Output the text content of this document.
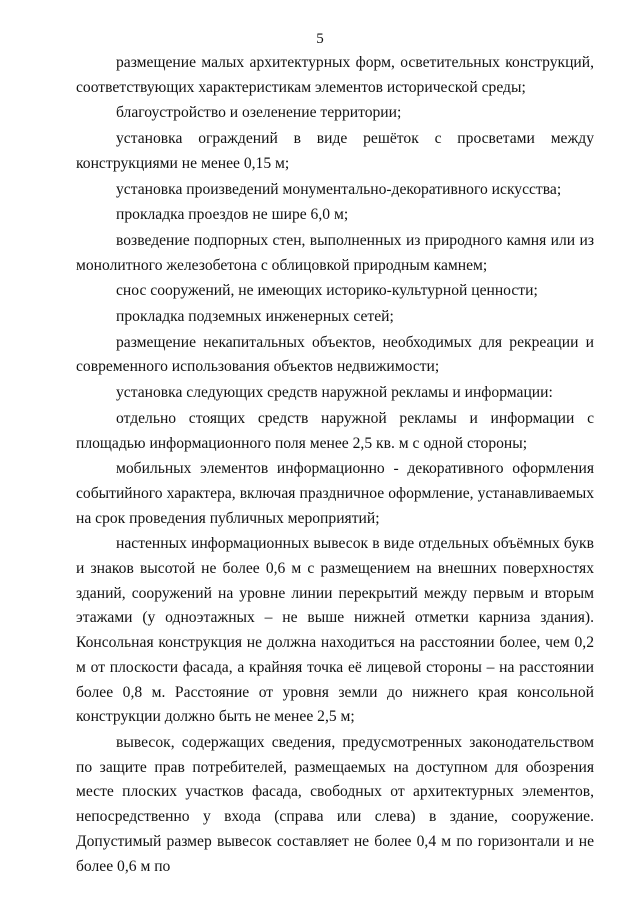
5

размещение малых архитектурных форм, осветительных конструкций, соответствующих характеристикам элементов исторической среды;

благоустройство и озеленение территории;

установка ограждений в виде решёток с просветами между конструкциями не менее 0,15 м;

установка произведений монументально-декоративного искусства;

прокладка проездов не шире 6,0 м;

возведение подпорных стен, выполненных из природного камня или из монолитного железобетона с облицовкой природным камнем;

снос сооружений, не имеющих историко-культурной ценности;

прокладка подземных инженерных сетей;

размещение некапитальных объектов, необходимых для рекреации и современного использования объектов недвижимости;

установка следующих средств наружной рекламы и информации:

отдельно стоящих средств наружной рекламы и информации с площадью информационного поля менее 2,5 кв. м с одной стороны;

мобильных элементов информационно - декоративного оформления событийного характера, включая праздничное оформление, устанавливаемых на срок проведения публичных мероприятий;

настенных информационных вывесок в виде отдельных объёмных букв и знаков высотой не более 0,6 м с размещением на внешних поверхностях зданий, сооружений на уровне линии перекрытий между первым и вторым этажами (у одноэтажных – не выше нижней отметки карниза здания). Консольная конструкция не должна находиться на расстоянии более, чем 0,2 м от плоскости фасада, а крайняя точка её лицевой стороны – на расстоянии более 0,8 м. Расстояние от уровня земли до нижнего края консольной конструкции должно быть не менее 2,5 м;

вывесок, содержащих сведения, предусмотренных законодательством по защите прав потребителей, размещаемых на доступном для обозрения месте плоских участков фасада, свободных от архитектурных элементов, непосредственно у входа (справа или слева) в здание, сооружение. Допустимый размер вывесок составляет не более 0,4 м по горизонтали и не более 0,6 м по
